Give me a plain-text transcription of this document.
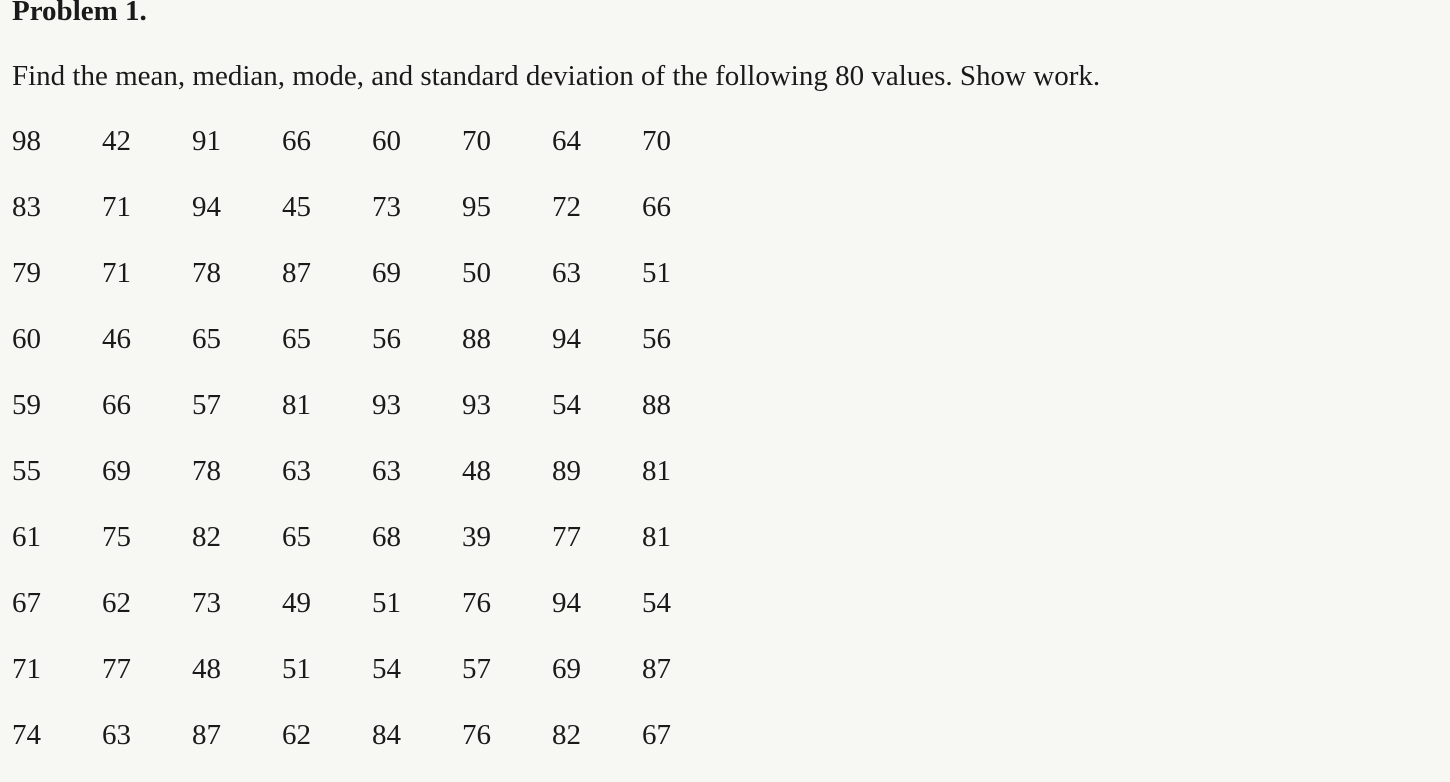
Problem 1.

Find the mean, median, mode, and standard deviation of the following 80 values. Show work.

98	42	91	66	60	70	64	70
83	71	94	45	73	95	72	66
79	71	78	87	69	50	63	51
60	46	65	65	56	88	94	56
59	66	57	81	93	93	54	88
55	69	78	63	63	48	89	81
61	75	82	65	68	39	77	81
67	62	73	49	51	76	94	54
71	77	48	51	54	57	69	87
74	63	87	62	84	76	82	67
